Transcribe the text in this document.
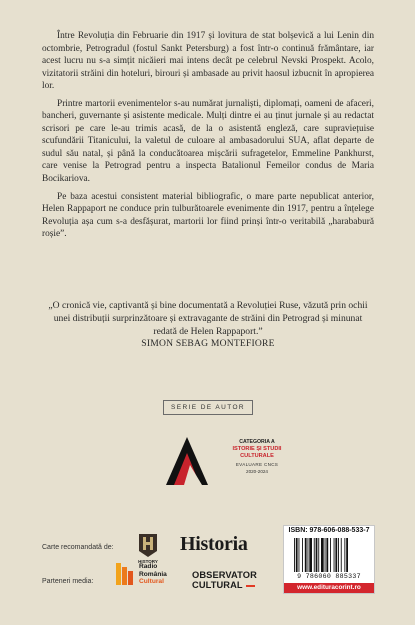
Între Revoluția din Februarie din 1917 și lovitura de stat bolșevică a lui Lenin din octombrie, Petrogradul (fostul Sankt Petersburg) a fost într-o continuă frământare, iar acest lucru nu s-a simțit nicăieri mai intens decât pe celebrul Nevski Prospekt. Acolo, vizitatorii străini din hoteluri, birouri și ambasade au privit haosul izbucnit în apropierea lor.

Printre martorii evenimentelor s-au numărat jurnaliști, diplomați, oameni de afaceri, bancheri, guvernante și asistente medicale. Mulți dintre ei au ținut jurnale și au redactat scrisori pe care le-au trimis acasă, de la o asistentă engleză, care supraviețuise scufundării Titanicului, la valetul de culoare al ambasadorului SUA, aflat departe de sudul său natal, și până la conducătoarea mișcării sufragetelor, Emmeline Pankhurst, care venise la Petrograd pentru a inspecta Batalionul Femeilor condus de Maria Bocikariova.

Pe baza acestui consistent material bibliografic, o mare parte nepublicat anterior, Helen Rappaport ne conduce prin tulburătoarele evenimente din 1917, pentru a înțelege Revoluția așa cum s-a desfășurat, martorii lor fiind prinși într-o veritabilă „harababură roșie”.

„O cronică vie, captivantă și bine documentată a Revoluției Ruse, văzută prin ochii unei distribuții surprinzătoare și extravagante de străini din Petrograd și minunat redată de Helen Rappaport.”
SIMON SEBAG MONTEFIORE
SERIE DE AUTOR
CATEGORIA A
ISTORIE ȘI STUDII CULTURALE
EVALUARE CNCS
2020-2024
Carte recomandată de:
HISTORY
Historia
Parteneri media:
Radio
România
Cultural
OBSERVATOR
CULTURAL
ISBN: 978-606-088-533-7
9 786060 885337
www.edituracorint.ro
